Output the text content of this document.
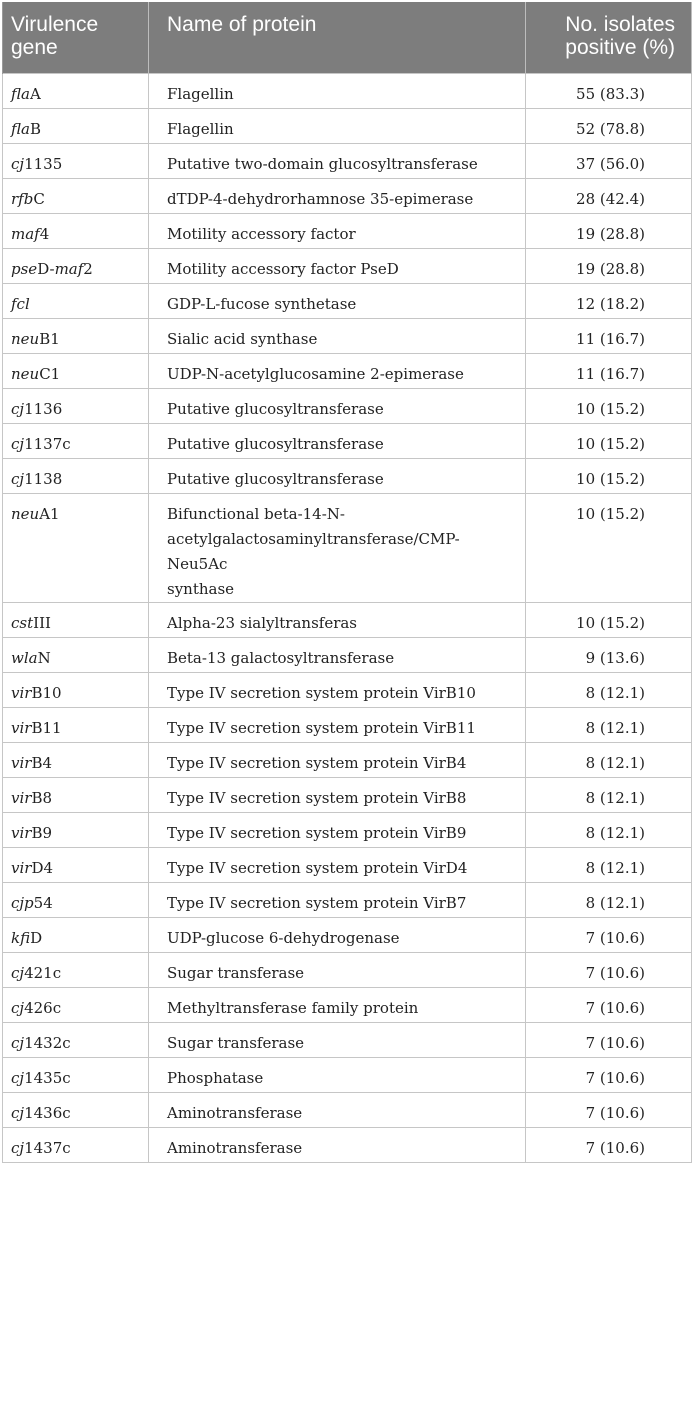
Virulence gene	Name of protein	No. isolates positive (%)
flaA	Flagellin	55 (83.3)
flaB	Flagellin	52 (78.8)
cj1135	Putative two-domain glucosyltransferase	37 (56.0)
rfbC	dTDP-4-dehydrorhamnose 35-epimerase	28 (42.4)
maf4	Motility accessory factor	19 (28.8)
pseD-maf2	Motility accessory factor PseD	19 (28.8)
fcl	GDP-L-fucose synthetase	12 (18.2)
neuB1	Sialic acid synthase	11 (16.7)
neuC1	UDP-N-acetylglucosamine 2-epimerase	11 (16.7)
cj1136	Putative glucosyltransferase	10 (15.2)
cj1137c	Putative glucosyltransferase	10 (15.2)
cj1138	Putative glucosyltransferase	10 (15.2)
neuA1	Bifunctional beta-14-N-
acetylgalactosaminyltransferase/CMP-
Neu5Ac
synthase	10 (15.2)
cstIII	Alpha-23 sialyltransferas	10 (15.2)
wlaN	Beta-13 galactosyltransferase	9 (13.6)
virB10	Type IV secretion system protein VirB10	8 (12.1)
virB11	Type IV secretion system protein VirB11	8 (12.1)
virB4	Type IV secretion system protein VirB4	8 (12.1)
virB8	Type IV secretion system protein VirB8	8 (12.1)
virB9	Type IV secretion system protein VirB9	8 (12.1)
virD4	Type IV secretion system protein VirD4	8 (12.1)
cjp54	Type IV secretion system protein VirB7	8 (12.1)
kfiD	UDP-glucose 6-dehydrogenase	7 (10.6)
cj421c	Sugar transferase	7 (10.6)
cj426c	Methyltransferase family protein	7 (10.6)
cj1432c	Sugar transferase	7 (10.6)
cj1435c	Phosphatase	7 (10.6)
cj1436c	Aminotransferase	7 (10.6)
cj1437c	Aminotransferase	7 (10.6)
